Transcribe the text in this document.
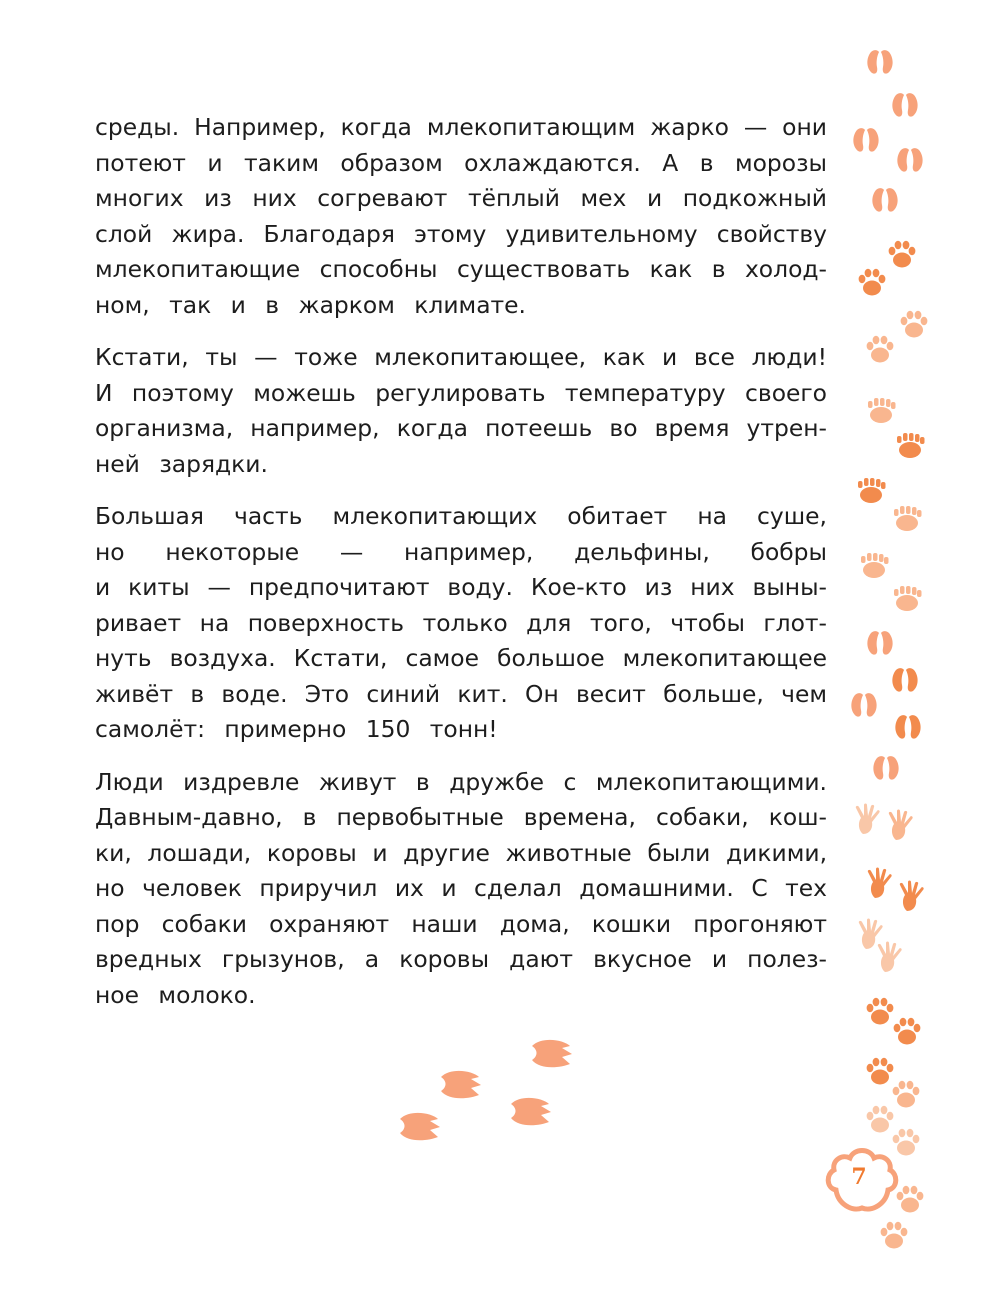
среды. Например, когда млекопитающим жарко — они
потеют и таким образом охлаждаются. А в морозы
многих из них согревают тёплый мех и подкожный
слой жира. Благодаря этому удивительному свойству
млекопитающие способны существовать как в холод-
ном, так и в жарком климате.
Кстати, ты — тоже млекопитающее, как и все люди!
И поэтому можешь регулировать температуру своего
организма, например, когда потеешь во время утрен-
ней зарядки.
Большая часть млекопитающих обитает на суше,
но некоторые — например, дельфины, бобры
и киты — предпочитают воду. Кое-кто из них выны-
ривает на поверхность только для того, чтобы глот-
нуть воздуха. Кстати, самое большое млекопитающее
живёт в воде. Это синий кит. Он весит больше, чем
самолёт: примерно 150 тонн!
Люди издревле живут в дружбе с млекопитающими.
Давным-давно, в первобытные времена, собаки, кош-
ки, лошади, коровы и другие животные были дикими,
но человек приручил их и сделал домашними. С тех
пор собаки охраняют наши дома, кошки прогоняют
вредных грызунов, а коровы дают вкусное и полез-
ное молоко.
7
